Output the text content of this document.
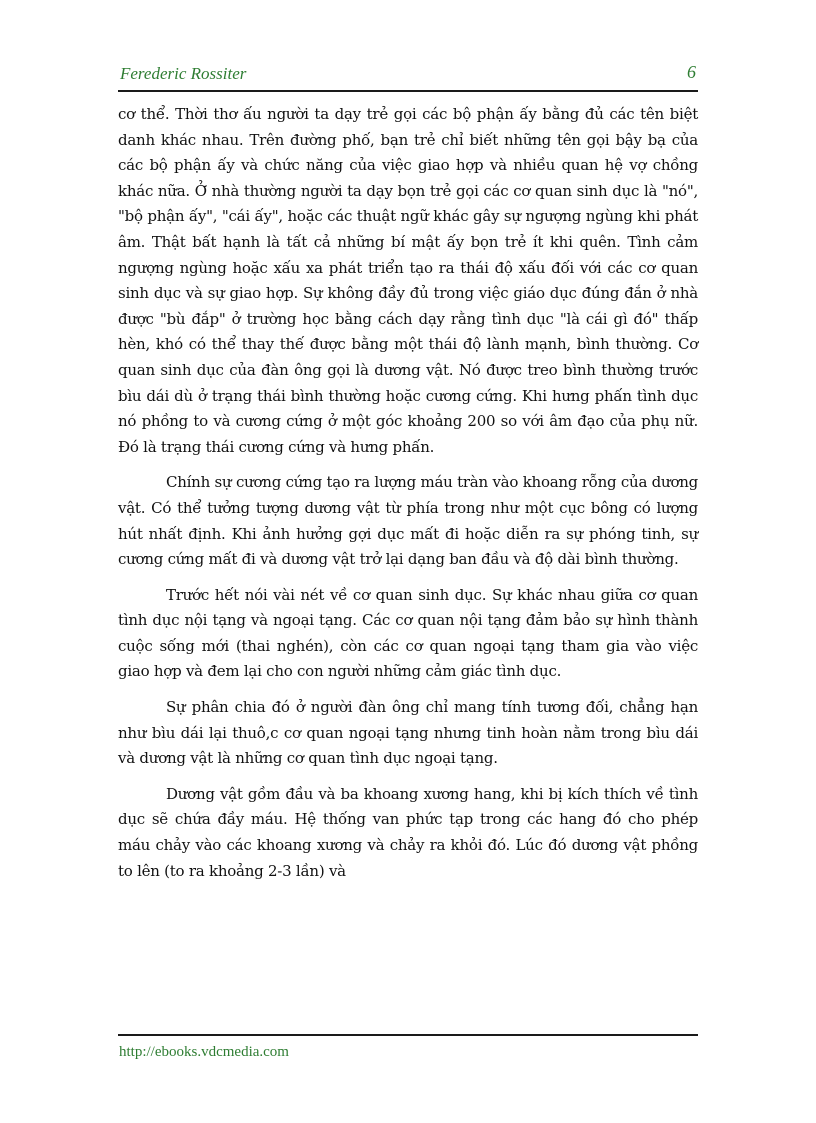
Ferederic Rossiter	6

cơ thể. Thời thơ ấu người ta dạy trẻ gọi các bộ phận ấy bằng đủ các tên biệt danh khác nhau. Trên đường phố, bạn trẻ chỉ biết những tên gọi bậy bạ của các bộ phận ấy và chức năng của việc giao hợp và nhiều quan hệ vợ chồng khác nữa. Ở nhà thường người ta dạy bọn trẻ gọi các cơ quan sinh dục là "nó", "bộ phận ấy", "cái ấy", hoặc các thuật ngữ khác gây sự ngượng ngùng khi phát âm. Thật bất hạnh là tất cả những bí mật ấy bọn trẻ ít khi quên. Tình cảm ngượng ngùng hoặc xấu xa phát triển tạo ra thái độ xấu đối với các cơ quan sinh dục và sự giao hợp. Sự không đầy đủ trong việc giáo dục đúng đắn ở nhà được "bù đắp" ở trường học bằng cách dạy rằng tình dục "là cái gì đó" thấp hèn, khó có thể thay thế được bằng một thái độ lành mạnh, bình thường. Cơ quan sinh dục của đàn ông gọi là dương vật. Nó được treo bình thường trước bìu dái dù ở trạng thái bình thường hoặc cương cứng. Khi hưng phấn tình dục nó phồng to và cương cứng ở một góc khoảng 200 so với âm đạo của phụ nữ. Đó là trạng thái cương cứng và hưng phấn.

Chính sự cương cứng tạo ra lượng máu tràn vào khoang rỗng của dương vật. Có thể tưởng tượng dương vật từ phía trong như một cục bông có lượng hút nhất định. Khi ảnh hưởng gợi dục mất đi hoặc diễn ra sự phóng tinh, sự cương cứng mất đi và dương vật trở lại dạng ban đầu và độ dài bình thường.

Trước hết nói vài nét về cơ quan sinh dục. Sự khác nhau giữa cơ quan tình dục nội tạng và ngoại tạng. Các cơ quan nội tạng đảm bảo sự hình thành cuộc sống mới (thai nghén), còn các cơ quan ngoại tạng tham gia vào việc giao hợp và đem lại cho con người những cảm giác tình dục.

Sự phân chia đó ở người đàn ông chỉ mang tính tương đối, chẳng hạn như bìu dái lại thuô,c cơ quan ngoại tạng nhưng tinh hoàn nằm trong bìu dái và dương vật là những cơ quan tình dục ngoại tạng.

Dương vật gồm đầu và ba khoang xương hang, khi bị kích thích về tình dục sẽ chứa đầy máu. Hệ thống van phức tạp trong các hang đó cho phép máu chảy vào các khoang xương và chảy ra khỏi đó. Lúc đó dương vật phồng to lên (to ra khoảng 2-3 lần) và

http://ebooks.vdcmedia.com
